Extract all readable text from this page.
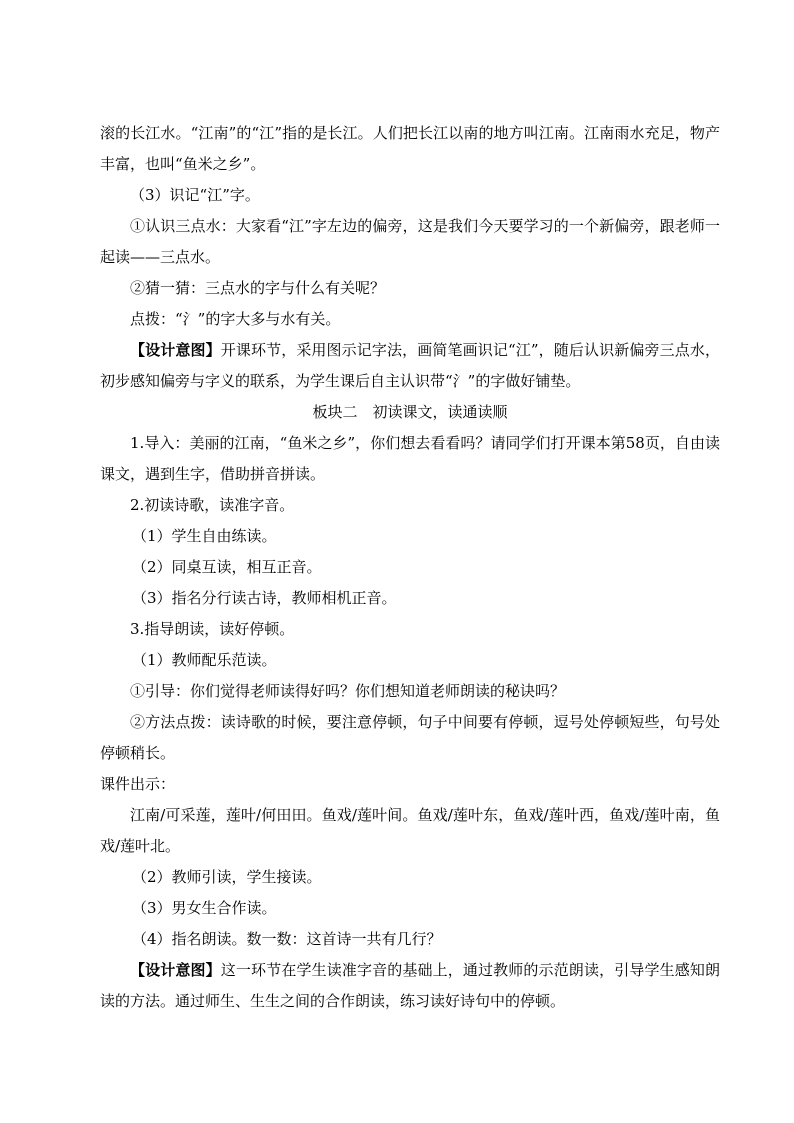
滚的长江水。“江南”的“江”指的是长江。人们把长江以南的地方叫江南。江南雨水充足，物产丰富，也叫“鱼米之乡”。

（3）识记“江”字。

①认识三点水：大家看“江”字左边的偏旁，这是我们今天要学习的一个新偏旁，跟老师一起读——三点水。

②猜一猜：三点水的字与什么有关呢？

点拨：“氵”的字大多与水有关。

【设计意图】开课环节，采用图示记字法，画简笔画识记“江”，随后认识新偏旁三点水，初步感知偏旁与字义的联系，为学生课后自主认识带“氵”的字做好铺垫。

板块二　初读课文，读通读顺

1.导入：美丽的江南，“鱼米之乡”，你们想去看看吗？请同学们打开课本第58页，自由读课文，遇到生字，借助拼音拼读。

2.初读诗歌，读准字音。

（1）学生自由练读。

（2）同桌互读，相互正音。

（3）指名分行读古诗，教师相机正音。

3.指导朗读，读好停顿。

（1）教师配乐范读。

①引导：你们觉得老师读得好吗？你们想知道老师朗读的秘诀吗？

②方法点拨：读诗歌的时候，要注意停顿，句子中间要有停顿，逗号处停顿短些，句号处停顿稍长。

课件出示：

江南/可采莲，莲叶/何田田。鱼戏/莲叶间。鱼戏/莲叶东，鱼戏/莲叶西，鱼戏/莲叶南，鱼戏/莲叶北。

（2）教师引读，学生接读。

（3）男女生合作读。

（4）指名朗读。数一数：这首诗一共有几行？

【设计意图】这一环节在学生读准字音的基础上，通过教师的示范朗读，引导学生感知朗读的方法。通过师生、生生之间的合作朗读，练习读好诗句中的停顿。
